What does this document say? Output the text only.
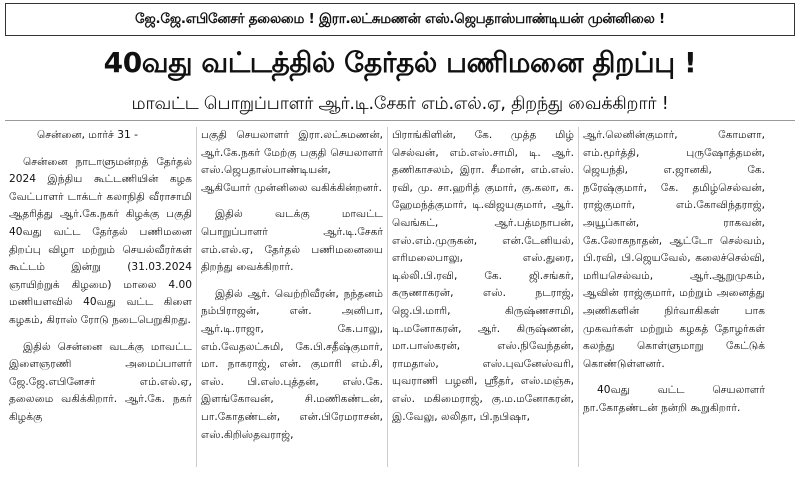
ஜே.ஜே.எபினேசர் தலைமை ! இரா.லட்சுமணன் எஸ்.ஜெபதாஸ்பாண்டியன் முன்னிலை !
40வது வட்டத்தில் தேர்தல் பணிமனை திறப்பு !
மாவட்ட பொறுப்பாளர் ஆர்.டி.சேகர் எம்.எல்.ஏ, திறந்து வைக்கிறார் !

சென்னை, மார்ச் 31 -

சென்னை நாடாளுமன்றத் தேர்தல் 2024 இந்திய கூட்டணியின் கழக வேட்பாளர் டாக்டர் கலாநிதி வீராசாமி ஆதரித்து ஆர்.கே.நகர் கிழக்கு பகுதி 40வது வட்ட தேர்தல் பணிமனை திறப்பு விழா மற்றும் செயல்வீரர்கள் கூட்டம் இன்று (31.03.2024 ஞாயிற்றுக் கிழமை) மாலை 4.00 மணியளவில் 40வது வட்ட கிளை கழகம், கிராஸ் ரோடு நடைபெறுகிறது.

இதில் சென்னை வடக்கு மாவட்ட இளைஞரணி அமைப்பாளர் ஜே.ஜே.எபினேசர் எம்.எல்.ஏ, தலைமை வகிக்கிறார். ஆர்.கே. நகர் கிழக்கு

பகுதி செயலாளர் இரா.லட்சுமணன், ஆர்.கே.நகர் மேற்கு பகுதி செயலாளர் எஸ்.ஜெபதாஸ்பாண்டியன், ஆகியோர் முன்னிலை வகிக்கின்றனர்.

இதில் வடக்கு மாவட்ட பொறுப்பாளர் ஆர்.டி.சேகர் எம்.எல்.ஏ, தேர்தல் பணிமனையை திறந்து வைக்கிறார்.

இதில் ஆர். வெற்றிவீரன், நந்தனம் நம்பிராஜன், என். அனிபா, ஆர்.டி.ராஜா, கே.பாலு, எம்.வேதலட்சுமி, கே.பி.சதீஷ்குமார், மா. நாகராஜ், என். குமாரி எம்.சி, எஸ். பி.எஸ்.புத்தன், எஸ்.கே. இளங்கோவன், சி.மணிகண்டன், பா.கோதண்டன், என்.பிரேமராசன், எஸ்.கிறிஸ்தவராஜ்,

பிராங்கிளின், கே. முத்த மிழ் செல்வன், எம்.எஸ்.சாமி, டி. ஆர். தணிகாசலம், இரா. சீமான், எம்.எஸ். ரவி, மு. சா.ஹரித் குமார், கு.கலா, க. ஹேமந்த்குமார், டி.விஜயகுமார், ஆர். வெங்கட், ஆர்.பத்மநாபன், எஸ்.எம்.முருகன், என்.டேனியல், எரிமலைபாலு, எஸ்.துரை, டில்லி.பி.ரவி, கே. ஜி.சங்கர், கருணாகரன், எஸ். நடராஜ், ஜெ.பி.மாரி, கிருஷ்ணசாமி, டி.மனோகரன், ஆர். கிருஷ்ணன், மா.பாஸ்கரன், எஸ்.நிவேந்தன், ராமதாஸ், எஸ்.புவனேஸ்வரி, யுவராணி பழனி, ஸ்ரீதர், எஸ்.மஞ்சு, எஸ். மகிமைராஜ், கு.ம.மனோகரன், இ.வேலு, லலிதா, பி.நபிஷா,

ஆர்.லெனின்குமார், கோமளா, எம்.மூர்த்தி, புருஷோத்தமன், ஜெயந்தி, எ.ஜானகி, கே. நரேஷ்குமார், கே. தமிழ்செல்வன், ராஜ்குமார், எம்.கோவிந்தராஜ், அயூப்கான், ராகவன், கே.லோகநாதன், ஆட்டோ செல்வம், பி.ரவி, பி.ஜெயவேல், கலைச்செல்வி, மரியசெல்வம், ஆர்.ஆறுமுகம், ஆவின் ராஜ்குமார், மற்றும் அனைத்து அணிகளின் நிர்வாகிகள் பாக முகவர்கள் மற்றும் கழகத் தோழர்கள் கலந்து கொள்ளுமாறு கேட்டுக் கொண்டுள்ளனர்.

40வது வட்ட செயலாளர் நா.கோதண்டன் நன்றி கூறுகிறார்.
